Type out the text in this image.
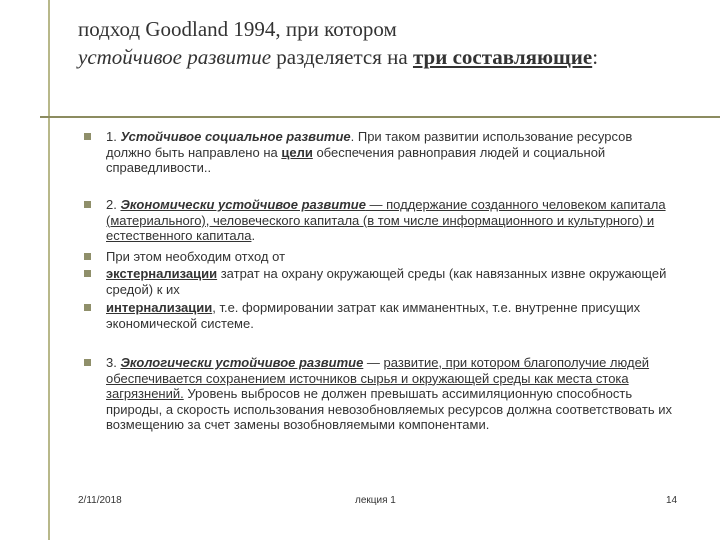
подход Goodland 1994, при котором
устойчивое развитие разделяется на три составляющие:
1. Устойчивое социальное развитие. При таком развитии использование ресурсов должно быть направлено на цели обеспечения равноправия людей и социальной справедливости..
2. Экономически устойчивое развитие — поддержание созданного человеком капитала (материального), человеческого капитала (в том числе информационного и культурного) и естественного капитала.
При этом необходим отход от
экстернализации затрат на охрану окружающей среды (как навязанных извне окружающей средой) к их
интернализации, т.е. формировании затрат как имманентных, т.е. внутренне присущих экономической системе.
3. Экологически устойчивое развитие — развитие, при котором благополучие людей обеспечивается сохранением источников сырья и окружающей среды как места стока загрязнений. Уровень выбросов не должен превышать ассимиляционную способность природы, а скорость использования невозобновляемых ресурсов должна соответствовать их возмещению за счет замены возобновляемыми компонентами.
2/11/2018	лекция 1	14
